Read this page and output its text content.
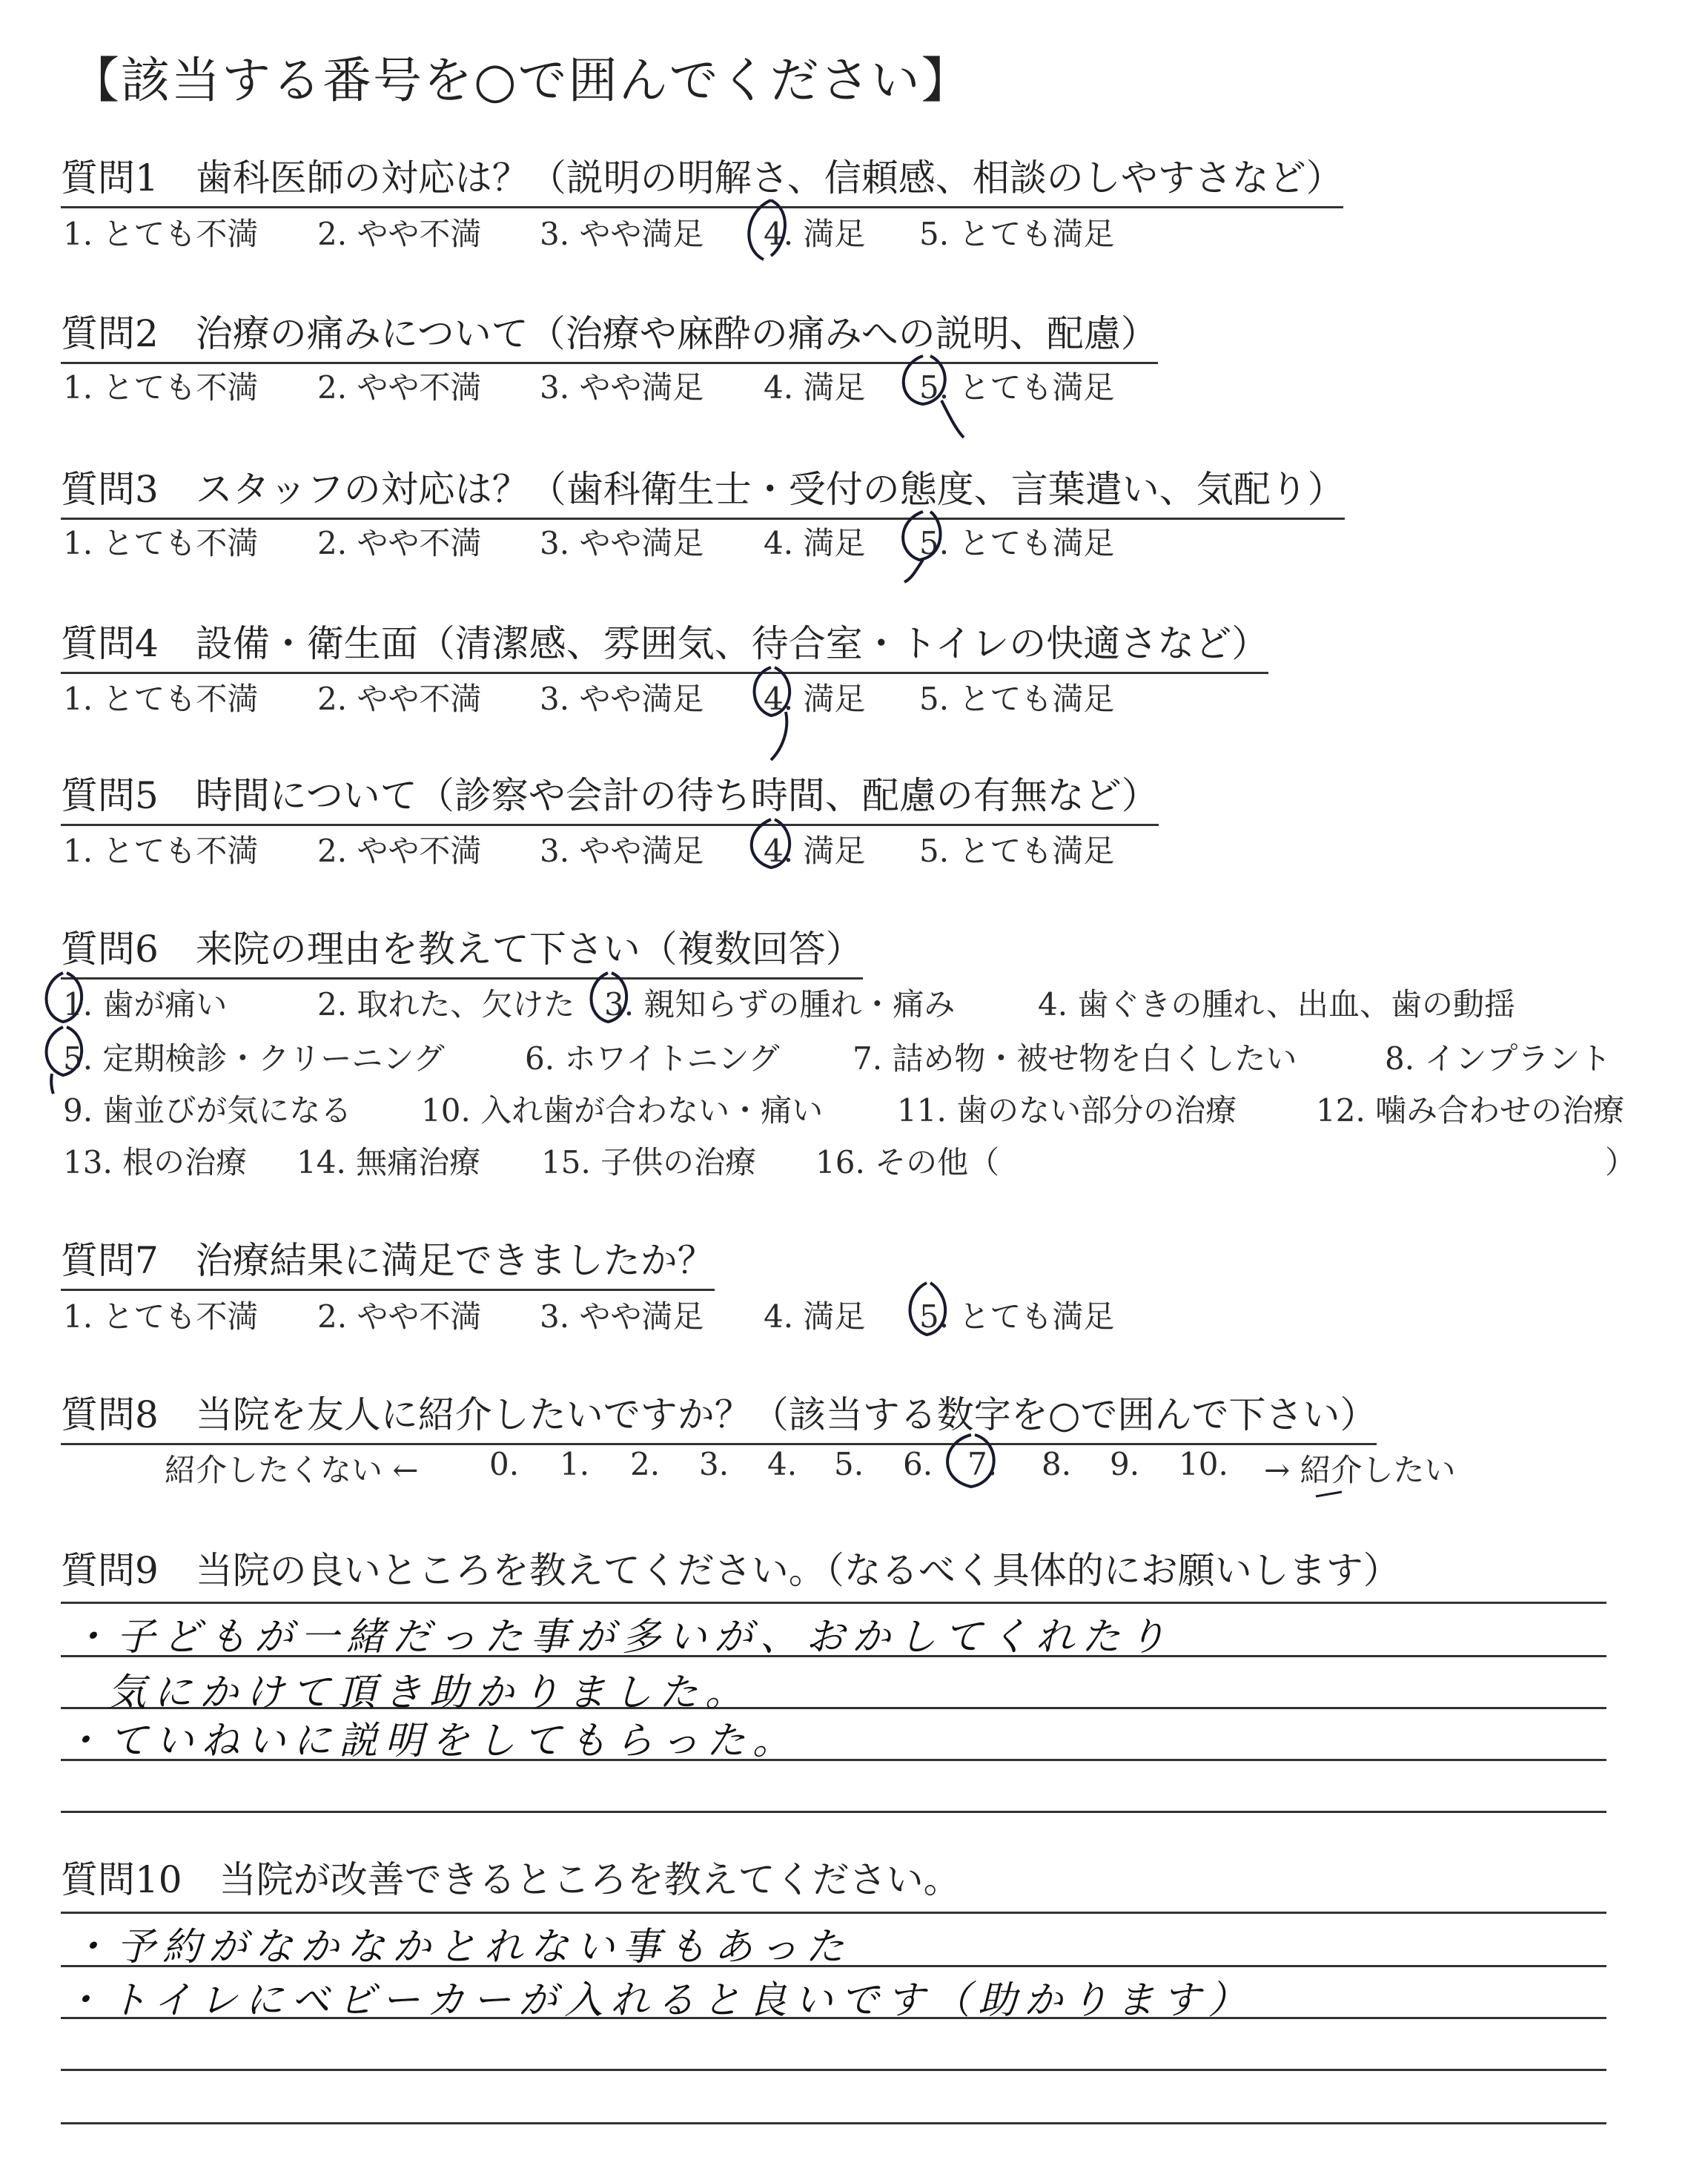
【該当する番号を○で囲んでください】
質問1　歯科医師の対応は？（説明の明解さ、信頼感、相談のしやすさなど）
1. とても不満 2. やや不満 3. やや満足 4. 満足 5. とても満足
質問2　治療の痛みについて（治療や麻酔の痛みへの説明、配慮）
1. とても不満 2. やや不満 3. やや満足 4. 満足 5. とても満足
質問3　スタッフの対応は？（歯科衛生士・受付の態度、言葉遣い、気配り）
1. とても不満 2. やや不満 3. やや満足 4. 満足 5. とても満足
質問4　設備・衛生面（清潔感、雰囲気、待合室・トイレの快適さなど）
1. とても不満 2. やや不満 3. やや満足 4. 満足 5. とても満足
質問5　時間について（診察や会計の待ち時間、配慮の有無など）
1. とても不満 2. やや不満 3. やや満足 4. 満足 5. とても満足
質問6　来院の理由を教えて下さい（複数回答）
1. 歯が痛い	2. 取れた、欠けた 3. 親知らずの腫れ・痛み	4. 歯ぐきの腫れ、出血、歯の動揺
5. 定期検診・クリーニング	6. ホワイトニング 7. 詰め物・被せ物を白くしたい	8. インプラント
9. 歯並びが気になる 10. 入れ歯が合わない・痛い 11. 歯のない部分の治療	12. 噛み合わせの治療
13. 根の治療 14. 無痛治療 15. 子供の治療 16. その他（	）
質問7　治療結果に満足できましたか？
1. とても不満 2. やや不満 3. やや満足 4. 満足 5. とても満足
質問8　当院を友人に紹介したいですか？（該当する数字を○で囲んで下さい）
紹介したくない ← 0. 1. 2. 3. 4. 5. 6. 7. 8. 9. 10. → 紹介したい
質問9　当院の良いところを教えてください。（なるべく具体的にお願いします）
・子どもが一緒だった事が多いが、おかしてくれたり
気にかけて頂き助かりました。
・ていねいに説明をしてもらった。
質問10　当院が改善できるところを教えてください。
・予約がなかなかとれない事もあった
・トイレにベビーカーが入れると良いです（助かります）
